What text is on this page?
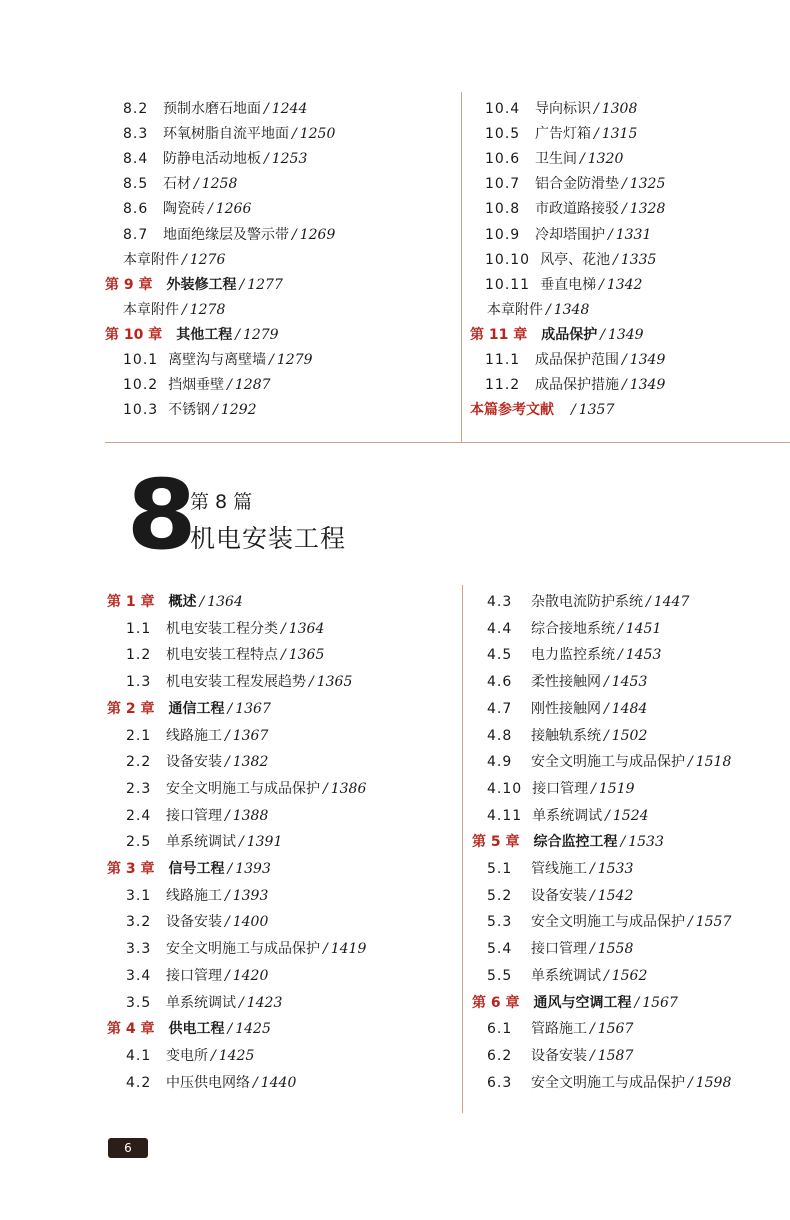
8.2 预制水磨石地面 / 1244
8.3 环氧树脂自流平地面 / 1250
8.4 防静电活动地板 / 1253
8.5 石材 / 1258
8.6 陶瓷砖 / 1266
8.7 地面绝缘层及警示带 / 1269
本章附件 / 1276
第 9 章 外装修工程 / 1277
本章附件 / 1278
第 10 章 其他工程 / 1279
10.1 离壁沟与离壁墙 / 1279
10.2 挡烟垂壁 / 1287
10.3 不锈钢 / 1292
10.4 导向标识 / 1308
10.5 广告灯箱 / 1315
10.6 卫生间 / 1320
10.7 铝合金防滑垫 / 1325
10.8 市政道路接驳 / 1328
10.9 冷却塔围护 / 1331
10.10 风亭、花池 / 1335
10.11 垂直电梯 / 1342
本章附件 / 1348
第 11 章 成品保护 / 1349
11.1 成品保护范围 / 1349
11.2 成品保护措施 / 1349
本篇参考文献 / 1357
8
第 8 篇
机电安装工程
第 1 章 概述 / 1364
1.1 机电安装工程分类 / 1364
1.2 机电安装工程特点 / 1365
1.3 机电安装工程发展趋势 / 1365
第 2 章 通信工程 / 1367
2.1 线路施工 / 1367
2.2 设备安装 / 1382
2.3 安全文明施工与成品保护 / 1386
2.4 接口管理 / 1388
2.5 单系统调试 / 1391
第 3 章 信号工程 / 1393
3.1 线路施工 / 1393
3.2 设备安装 / 1400
3.3 安全文明施工与成品保护 / 1419
3.4 接口管理 / 1420
3.5 单系统调试 / 1423
第 4 章 供电工程 / 1425
4.1 变电所 / 1425
4.2 中压供电网络 / 1440
4.3 杂散电流防护系统 / 1447
4.4 综合接地系统 / 1451
4.5 电力监控系统 / 1453
4.6 柔性接触网 / 1453
4.7 刚性接触网 / 1484
4.8 接触轨系统 / 1502
4.9 安全文明施工与成品保护 / 1518
4.10 接口管理 / 1519
4.11 单系统调试 / 1524
第 5 章 综合监控工程 / 1533
5.1 管线施工 / 1533
5.2 设备安装 / 1542
5.3 安全文明施工与成品保护 / 1557
5.4 接口管理 / 1558
5.5 单系统调试 / 1562
第 6 章 通风与空调工程 / 1567
6.1 管路施工 / 1567
6.2 设备安装 / 1587
6.3 安全文明施工与成品保护 / 1598
6
